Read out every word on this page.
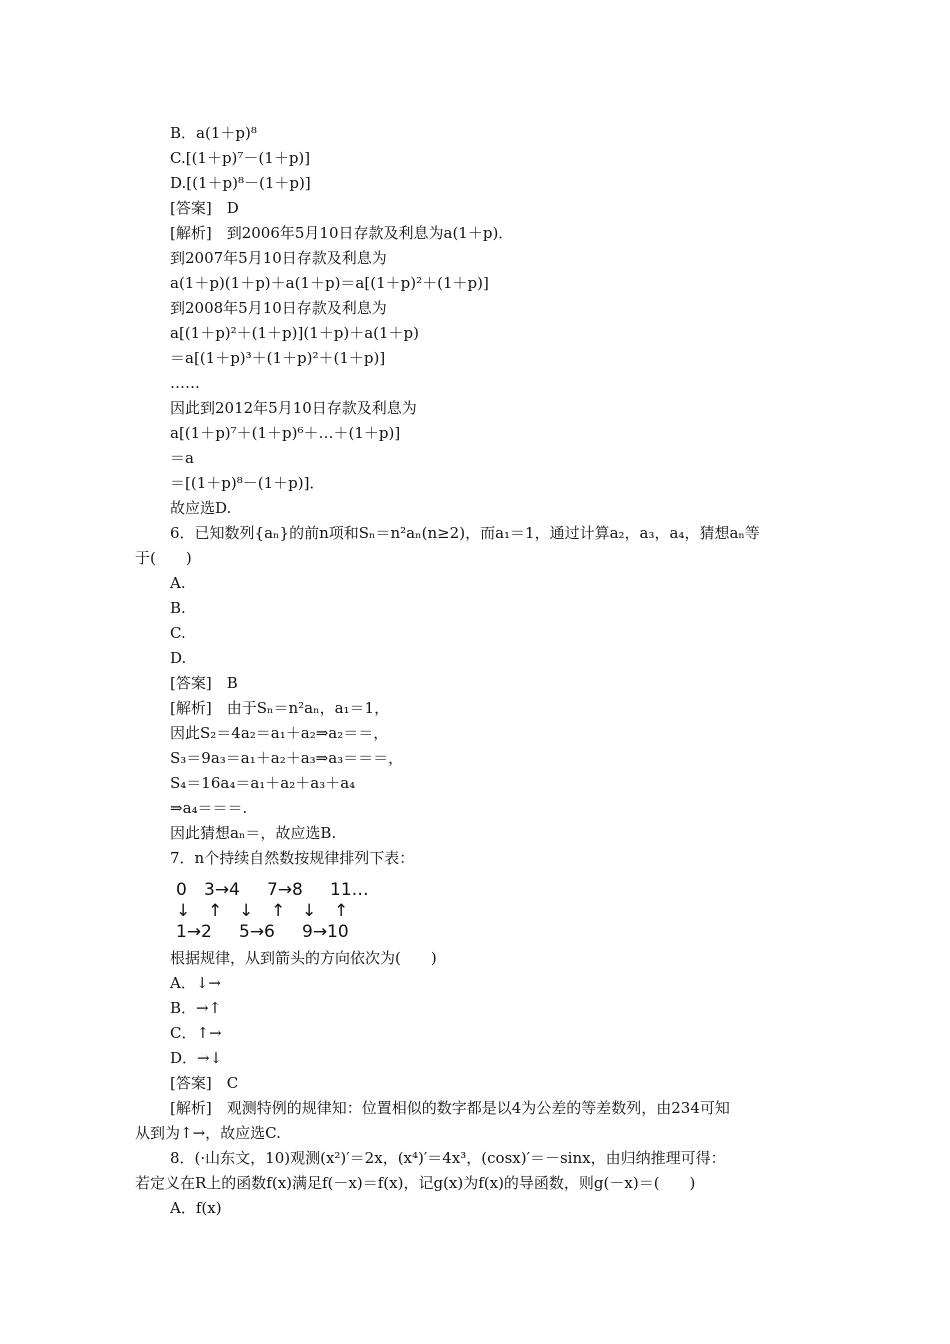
0 3→4 7→8 11…
↓ ↑ ↓ ↑ ↓ ↑
1→2 5→6 9→10
B．a(1＋p)⁸
C.[(1＋p)⁷－(1＋p)]
D.[(1＋p)⁸－(1＋p)]
[答案]　D
[解析]　到2006年5月10日存款及利息为a(1＋p)．
到2007年5月10日存款及利息为
a(1＋p)(1＋p)＋a(1＋p)＝a[(1＋p)²＋(1＋p)]
到2008年5月10日存款及利息为
a[(1＋p)²＋(1＋p)](1＋p)＋a(1＋p)
＝a[(1＋p)³＋(1＋p)²＋(1＋p)]
……
因此到2012年5月10日存款及利息为
a[(1＋p)⁷＋(1＋p)⁶＋…＋(1＋p)]
＝a
＝[(1＋p)⁸－(1＋p)]．
故应选D.
6．已知数列{aₙ}的前n项和Sₙ＝n²aₙ(n≥2)，而a₁＝1，通过计算a₂，a₃，a₄，猜想aₙ等
于(　　)
A.
B.
C.
D.
[答案]　B
[解析]　由于Sₙ＝n²aₙ，a₁＝1，
因此S₂＝4a₂＝a₁＋a₂⇒a₂＝＝，
S₃＝9a₃＝a₁＋a₂＋a₃⇒a₃＝＝＝，
S₄＝16a₄＝a₁＋a₂＋a₃＋a₄
⇒a₄＝＝＝.
因此猜想aₙ＝，故应选B.
7．n个持续自然数按规律排列下表：
根据规律，从到箭头的方向依次为(　　)
A．↓→
B．→↑
C．↑→
D．→↓
[答案]　C
[解析]　观测特例的规律知：位置相似的数字都是以4为公差的等差数列，由234可知
从到为↑→，故应选C.
8．(·山东文，10)观测(x²)′＝2x，(x⁴)′＝4x³，(cosx)′＝－sinx，由归纳推理可得：
若定义在R上的函数f(x)满足f(－x)＝f(x)，记g(x)为f(x)的导函数，则g(－x)＝(　　)
A．f(x)
